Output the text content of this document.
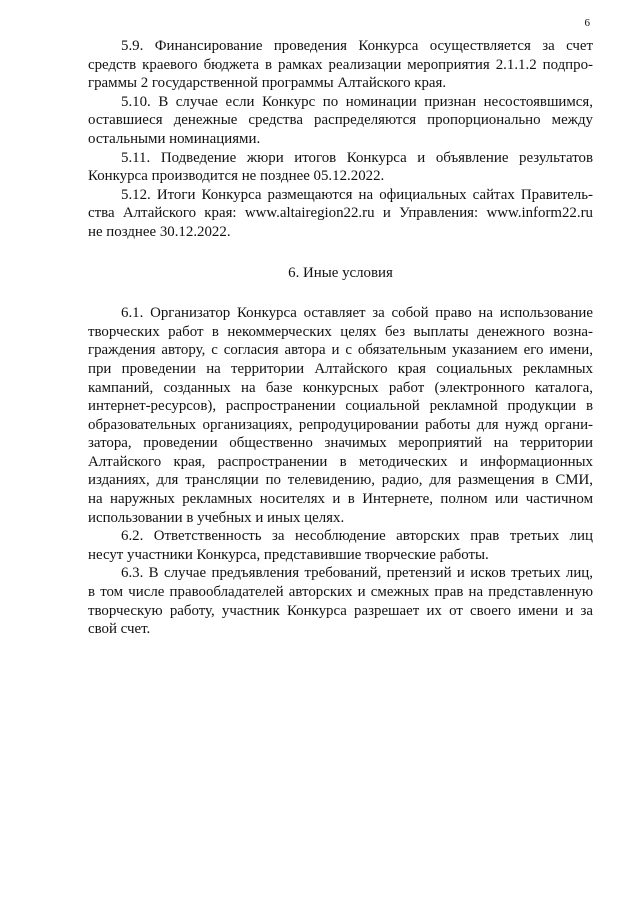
6
5.9. Финансирование проведения Конкурса осуществляется за счет
средств краевого бюджета в рамках реализации мероприятия 2.1.1.2 подпро-
граммы 2 государственной программы Алтайского края.
5.10. В случае если Конкурс по номинации признан несостоявшимся,
оставшиеся денежные средства распределяются пропорционально между
остальными номинациями.
5.11. Подведение жюри итогов Конкурса и объявление результатов
Конкурса производится не позднее 05.12.2022.
5.12. Итоги Конкурса размещаются на официальных сайтах Правитель-
ства Алтайского края: www.altairegion22.ru и Управления: www.inform22.ru
не позднее 30.12.2022.
6. Иные условия
6.1. Организатор Конкурса оставляет за собой право на использование
творческих работ в некоммерческих целях без выплаты денежного возна-
граждения автору, с согласия автора и с обязательным указанием его имени,
при проведении на территории Алтайского края социальных рекламных
кампаний, созданных на базе конкурсных работ (электронного каталога,
интернет-ресурсов), распространении социальной рекламной продукции в
образовательных организациях, репродуцировании работы для нужд органи-
затора, проведении общественно значимых мероприятий на территории
Алтайского края, распространении в методических и информационных
изданиях, для трансляции по телевидению, радио, для размещения в СМИ,
на наружных рекламных носителях и в Интернете, полном или частичном
использовании в учебных и иных целях.
6.2. Ответственность за несоблюдение авторских прав третьих лиц
несут участники Конкурса, представившие творческие работы.
6.3. В случае предъявления требований, претензий и исков третьих лиц,
в том числе правообладателей авторских и смежных прав на представленную
творческую работу, участник Конкурса разрешает их от своего имени и за
свой счет.
